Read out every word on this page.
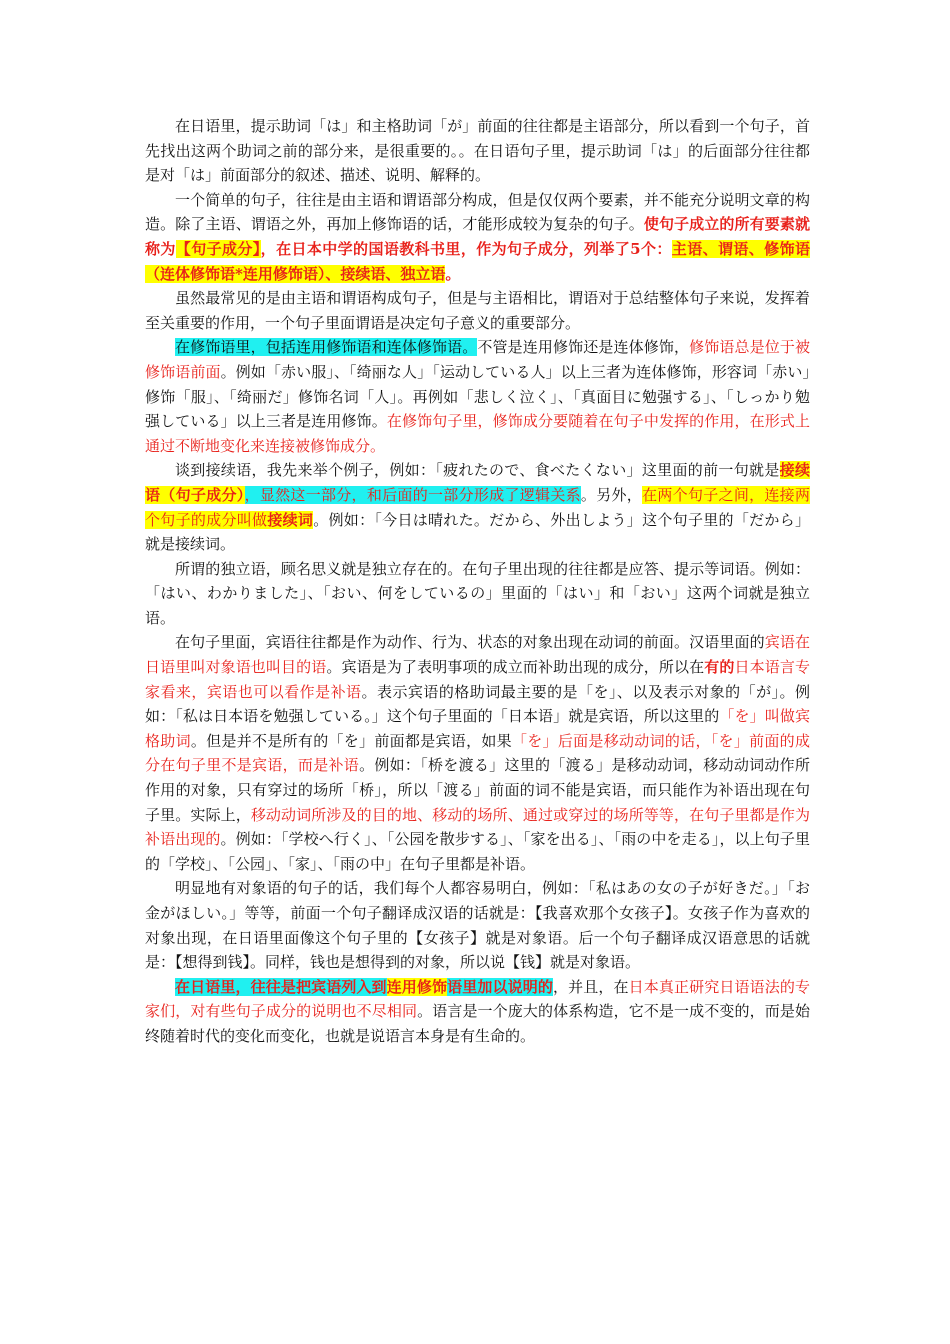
在日语里，提示助词「は」和主格助词「が」前面的往往都是主语部分，所以看到一个句子，首先找出这两个助词之前的部分来，是很重要的。。在日语句子里，提示助词「は」的后面部分往往都是对「は」前面部分的叙述、描述、说明、解释的。

一个简单的句子，往往是由主语和谓语部分构成，但是仅仅两个要素，并不能充分说明文章的构造。除了主语、谓语之外，再加上修饰语的话，才能形成较为复杂的句子。使句子成立的所有要素就称为【句子成分】，在日本中学的国语教科书里，作为句子成分，列举了5个：主语、谓语、修饰语（连体修饰语*连用修饰语）、接续语、独立语。

虽然最常见的是由主语和谓语构成句子，但是与主语相比，谓语对于总结整体句子来说，发挥着至关重要的作用，一个句子里面谓语是决定句子意义的重要部分。

在修饰语里，包括连用修饰语和连体修饰语。不管是连用修饰还是连体修饰，修饰语总是位于被修饰语前面。例如「赤い服」、「绮丽な人」「运动している人」以上三者为连体修饰，形容词「赤い」修饰「服」、「绮丽だ」修饰名词「人」。再例如「悲しく泣く」、「真面目に勉强する」、「しっかり勉强している」以上三者是连用修饰。在修饰句子里，修饰成分要随着在句子中发挥的作用，在形式上通过不断地变化来连接被修饰成分。

谈到接续语，我先来举个例子，例如：「疲れたので、食べたくない」这里面的前一句就是接续语（句子成分），显然这一部分，和后面的一部分形成了逻辑关系。另外，在两个句子之间，连接两个句子的成分叫做接续词。例如：「今日は晴れた。だから、外出しよう」这个句子里的「だから」就是接续词。

所谓的独立语，顾名思义就是独立存在的。在句子里出现的往往都是应答、提示等词语。例如：「はい、わかりました」、「おい、何をしているの」里面的「はい」和「おい」这两个词就是独立语。

在句子里面，宾语往往都是作为动作、行为、状态的对象出现在动词的前面。汉语里面的宾语在日语里叫对象语也叫目的语。宾语是为了表明事项的成立而补助出现的成分，所以在有的日本语言专家看来，宾语也可以看作是补语。表示宾语的格助词最主要的是「を」、以及表示对象的「が」。例如：「私は日本语を勉强している。」这个句子里面的「日本语」就是宾语，所以这里的「を」叫做宾格助词。但是并不是所有的「を」前面都是宾语，如果「を」后面是移动动词的话，「を」前面的成分在句子里不是宾语，而是补语。例如：「桥を渡る」这里的「渡る」是移动动词，移动动词动作所作用的对象，只有穿过的场所「桥」，所以「渡る」前面的词不能是宾语，而只能作为补语出现在句子里。实际上，移动动词所涉及的目的地、移动的场所、通过或穿过的场所等等，在句子里都是作为补语出现的。例如：「学校へ行く」、「公园を散步する」、「家を出る」、「雨の中を走る」，以上句子里的「学校」、「公园」、「家」、「雨の中」在句子里都是补语。

明显地有对象语的句子的话，我们每个人都容易明白，例如：「私はあの女の子が好きだ。」「お金がほしい。」等等，前面一个句子翻译成汉语的话就是：【我喜欢那个女孩子】。女孩子作为喜欢的对象出现，在日语里面像这个句子里的【女孩子】就是对象语。后一个句子翻译成汉语意思的话就是：【想得到钱】。同样，钱也是想得到的对象，所以说【钱】就是对象语。

在日语里，往往是把宾语列入到连用修饰语里加以说明的，并且，在日本真正研究日语语法的专家们，对有些句子成分的说明也不尽相同。语言是一个庞大的体系构造，它不是一成不变的，而是始终随着时代的变化而变化，也就是说语言本身是有生命的。
